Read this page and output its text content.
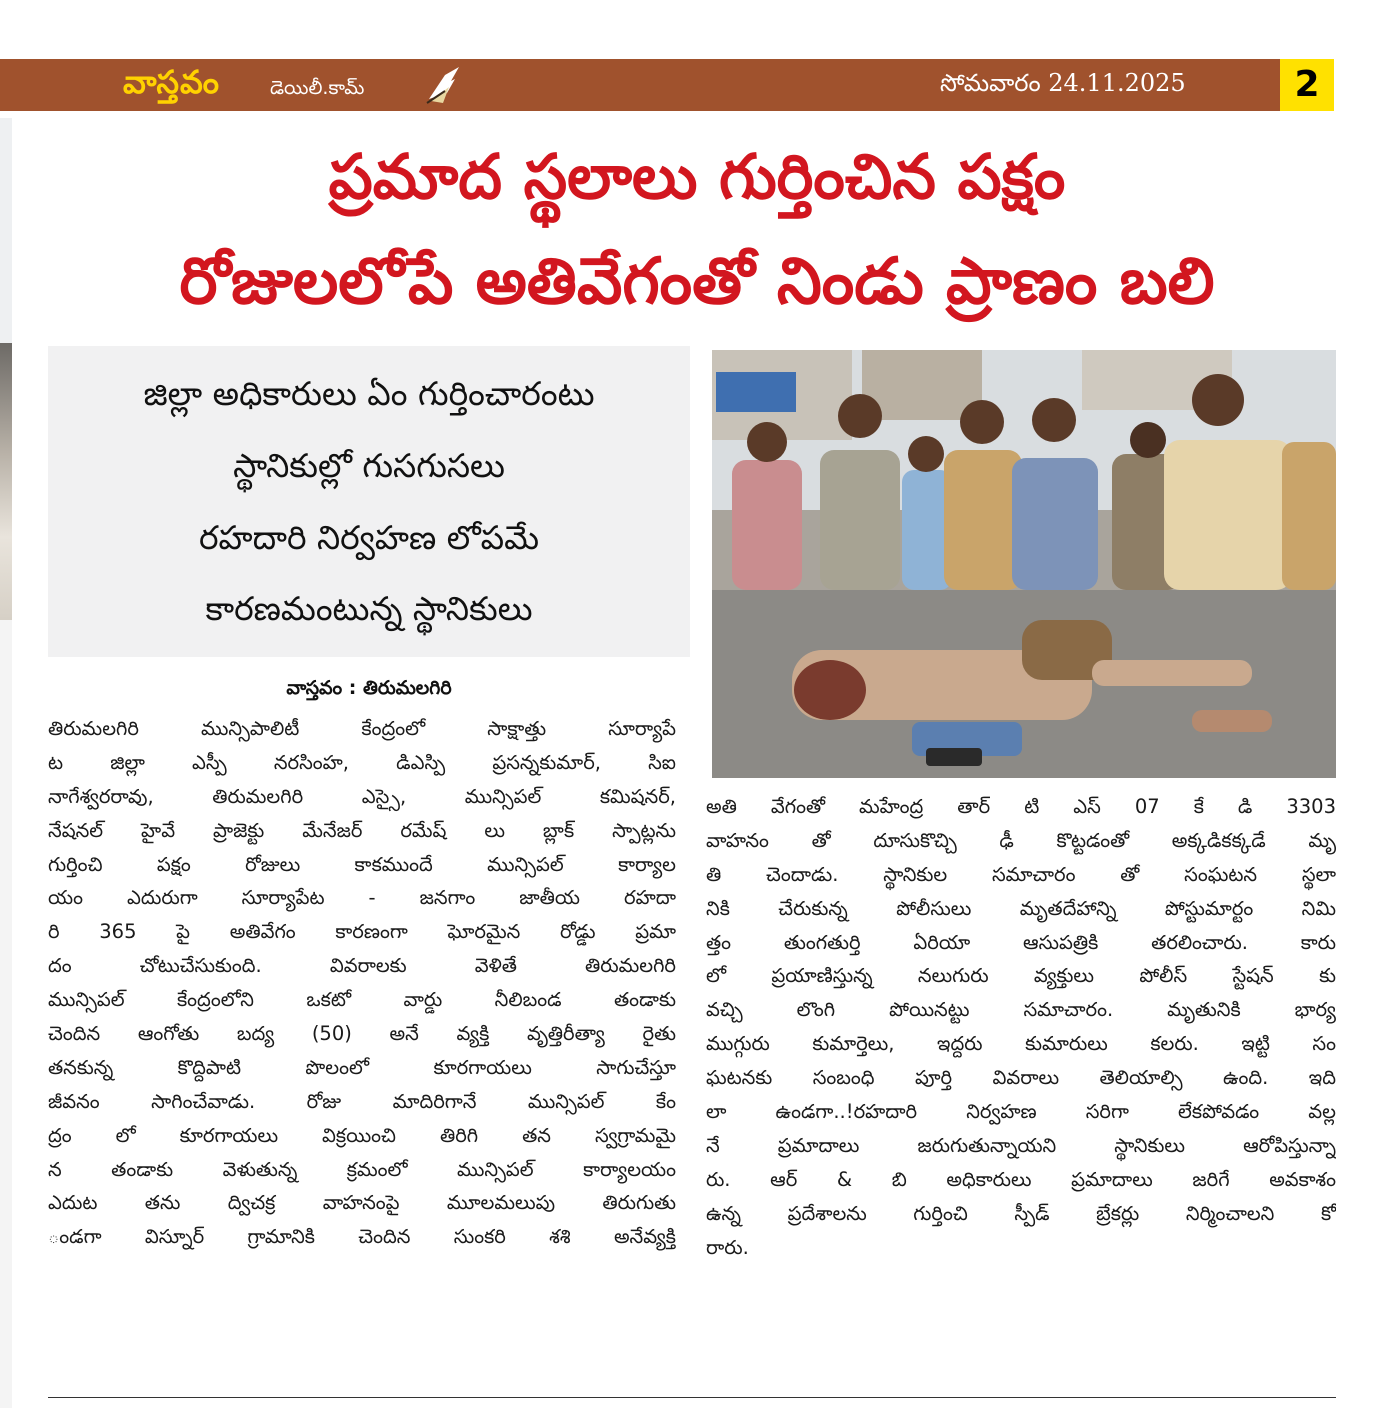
వాస్తవం	డెయిలీ.కామ్	సోమవారం 24.11.2025	2
ప్రమాద స్థలాలు గుర్తించిన పక్షం
రోజులలోపే అతివేగంతో నిండు ప్రాణం బలి
జిల్లా అధికారులు ఏం గుర్తించారంటు
స్థానికుల్లో గుసగుసలు
రహదారి నిర్వహణ లోపమే
కారణమంటున్న స్థానికులు
వాస్తవం : తిరుమలగిరి
తిరుమలగిరి మున్సిపాలిటీ కేంద్రంలో సాక్షాత్తు సూర్యాపే
ట జిల్లా ఎస్పీ నరసింహ, డిఎస్పి ప్రసన్నకుమార్, సిఐ
నాగేశ్వరరావు, తిరుమలగిరి ఎస్సై, మున్సిపల్ కమిషనర్,
నేషనల్ హైవే ప్రాజెక్టు మేనేజర్ రమేష్ లు బ్లాక్ స్పాట్లను
గుర్తించి పక్షం రోజులు కాకముందే మున్సిపల్ కార్యాల
యం ఎదురుగా సూర్యాపేట - జనగాం జాతీయ రహదా
రి 365 పై అతివేగం కారణంగా ఘోరమైన రోడ్డు ప్రమా
దం చోటుచేసుకుంది. వివరాలకు వెళితే తిరుమలగిరి
మున్సిపల్ కేంద్రంలోని ఒకటో వార్డు నీలిబండ తండాకు
చెందిన ఆంగోతు బద్య (50) అనే వ్యక్తి వృత్తిరీత్యా రైతు
తనకున్న కొద్దిపాటి పొలంలో కూరగాయలు సాగుచేస్తూ
జీవనం సాగించేవాడు. రోజు మాదిరిగానే మున్సిపల్ కేం
ద్రం లో కూరగాయలు విక్రయించి తిరిగి తన స్వగ్రామమై
న తండాకు వెళుతున్న క్రమంలో మున్సిపల్ కార్యాలయం
ఎదుట తను ద్విచక్ర వాహనంపై మూలమలుపు తిరుగుతు
ండగా విస్నూర్ గ్రామానికి చెందిన సుంకరి శశి అనేవ్యక్తి
అతి వేగంతో మహేంద్ర తార్ టి ఎస్ 07 కే డి 3303
వాహనం తో దూసుకొచ్చి ఢీ కొట్టడంతో అక్కడికక్కడే మృ
తి చెందాడు. స్థానికుల సమాచారం తో సంఘటన స్థలా
నికి చేరుకున్న పోలీసులు మృతదేహాన్ని పోస్టుమార్టం నిమి
త్తం తుంగతుర్తి ఏరియా ఆసుపత్రికి తరలించారు. కారు
లో ప్రయాణిస్తున్న నలుగురు వ్యక్తులు పోలీస్ స్టేషన్ కు
వచ్చి లొంగి పోయినట్టు సమాచారం. మృతునికి భార్య
ముగ్గురు కుమార్తెలు, ఇద్దరు కుమారులు కలరు. ఇట్టి సం
ఘటనకు సంబంధి పూర్తి వివరాలు తెలియాల్సి ఉంది. ఇది
లా ఉండగా..!రహదారి నిర్వహణ సరిగా లేకపోవడం వల్ల
నే ప్రమాదాలు జరుగుతున్నాయని స్థానికులు ఆరోపిస్తున్నా
రు. ఆర్ & బి అధికారులు ప్రమాదాలు జరిగే అవకాశం
ఉన్న ప్రదేశాలను గుర్తించి స్పీడ్ బ్రేకర్లు నిర్మించాలని కో
రారు.
